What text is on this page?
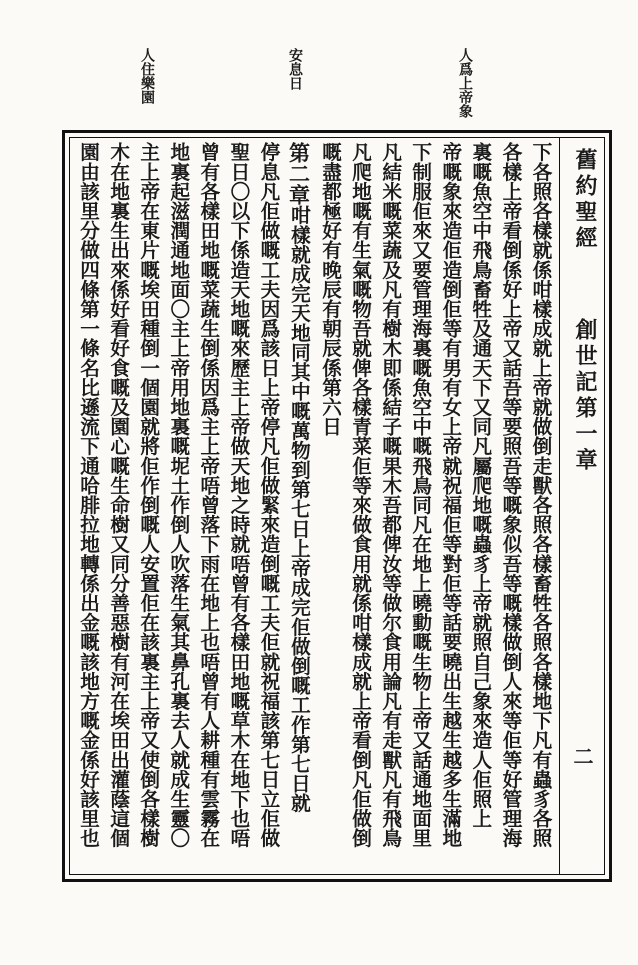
人爲上帝象
安息日
人住樂園
舊約聖經
創世記第一章
二
下各照各樣就係咁樣成就上帝就做倒走獸各照各樣畜牲各照各樣地下凡有蟲豸各照
各樣上帝看倒係好上帝又話吾等要照吾等嘅象似吾等嘅樣做倒人來等佢等好管理海
裏嘅魚空中飛鳥畜牲及通天下又同凡屬爬地嘅蟲豸上帝就照自己象來造人佢照上
帝嘅象來造佢造倒佢等有男有女上帝就祝福佢等對佢等話要曉出生越生越多生滿地
下制服佢來又要管理海裏嘅魚空中嘅飛鳥同凡在地上曉動嘅生物上帝又話通地面里
凡結米嘅菜蔬及凡有樹木即係結子嘅果木吾都俾汝等做尔食用論凡有走獸凡有飛鳥
凡爬地嘅有生氣嘅物吾就俾各樣青菜佢等來做食用就係咁樣成就上帝看倒凡佢做倒
嘅盡都極好有晚辰有朝辰係第六日
第二章咁樣就成完天地同其中嘅萬物到第七日上帝成完佢做倒嘅工作第七日就
停息凡佢做嘅工夫因爲該日上帝停凡佢做緊來造倒嘅工夫佢就祝福該第七日立佢做
聖日〇以下係造天地嘅來歷主上帝做天地之時就唔曾有各樣田地嘅草木在地下也唔
曾有各樣田地嘅菜蔬生倒係因爲主上帝唔曾落下雨在地上也唔曾有人耕種有雲霧在
地裏起滋潤通地面〇主上帝用地裏嘅坭土作倒人吹落生氣其鼻孔裏去人就成生靈〇
主上帝在東片嘅埃田種倒一個園就將佢作倒嘅人安置佢在該裏主上帝又使倒各樣樹
木在地裏生出來係好看好食嘅及園心嘅生命樹又同分善惡樹有河在埃田出灌蔭這個
園由該里分做四條第一條名比遜流下通哈腓拉地轉係出金嘅該地方嘅金係好該里也
